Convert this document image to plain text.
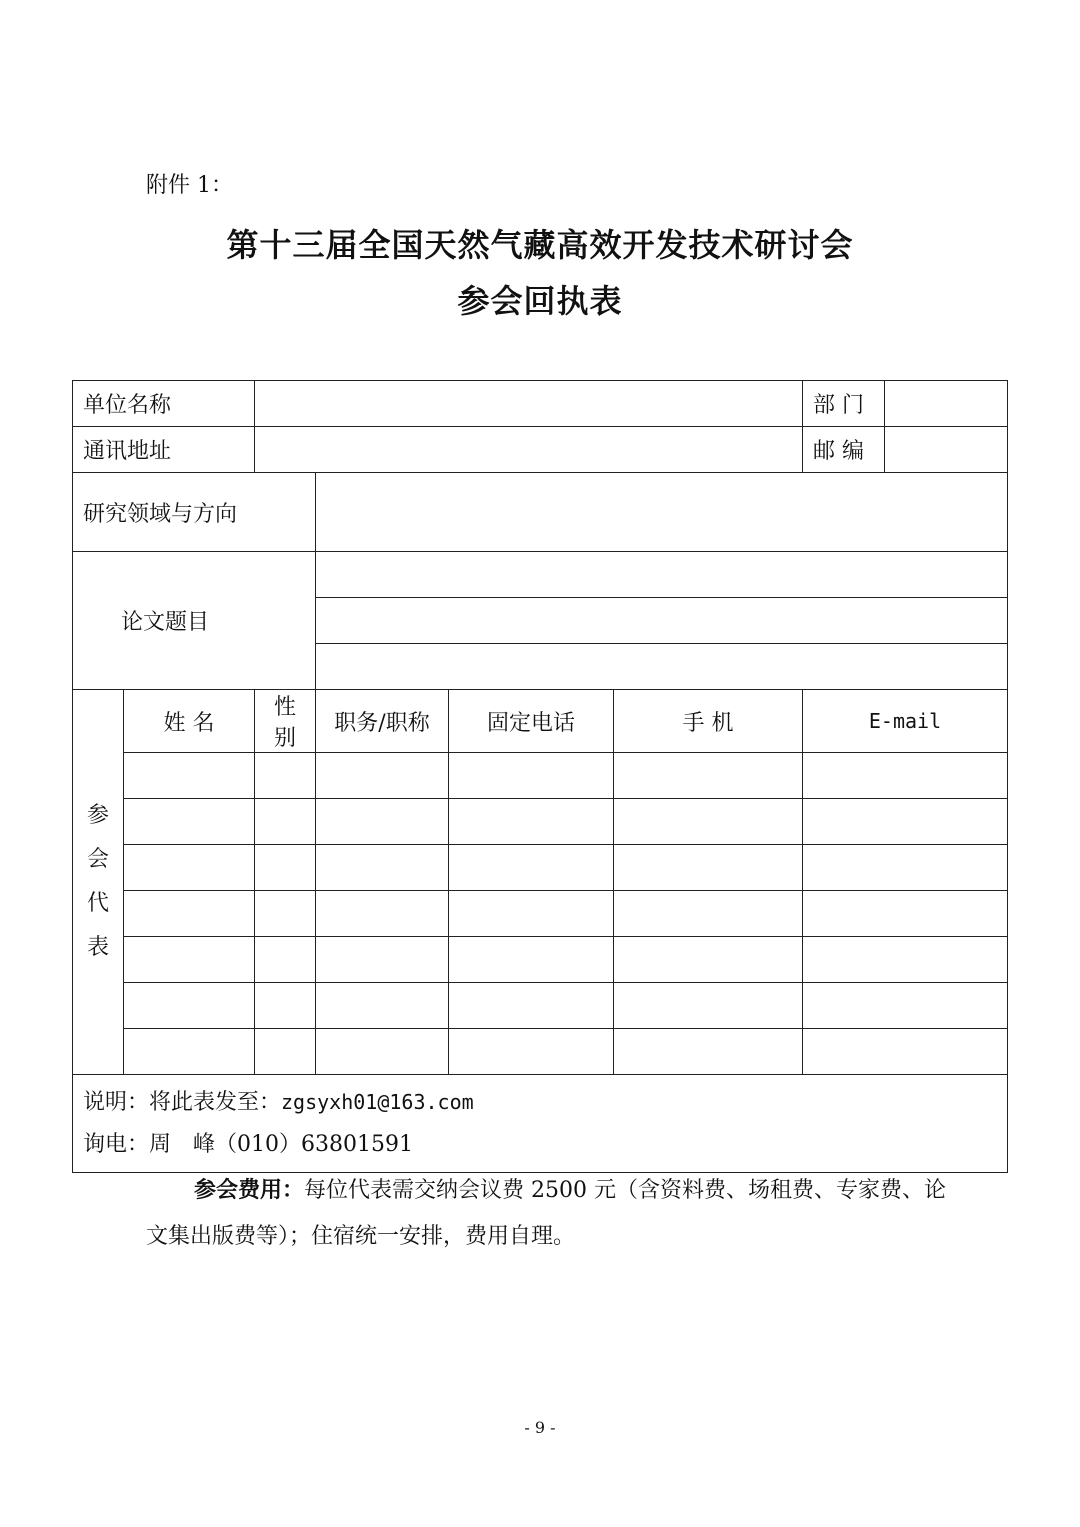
附件 1：
第十三届全国天然气藏高效开发技术研讨会
参会回执表
单位名称						部 门	
通讯地址						邮 编	
研究领域与方向							
论文题目							

参
会
代
表	姓 名	性别	职务/职称	固定电话	手 机	E-mail	

说明：将此表发至：zgsyxh01@163.com
询电：周　峰（010）63801591							
参会费用：每位代表需交纳会议费 2500 元（含资料费、场租费、专家费、论文集出版费等）；住宿统一安排，费用自理。
- 9 -
